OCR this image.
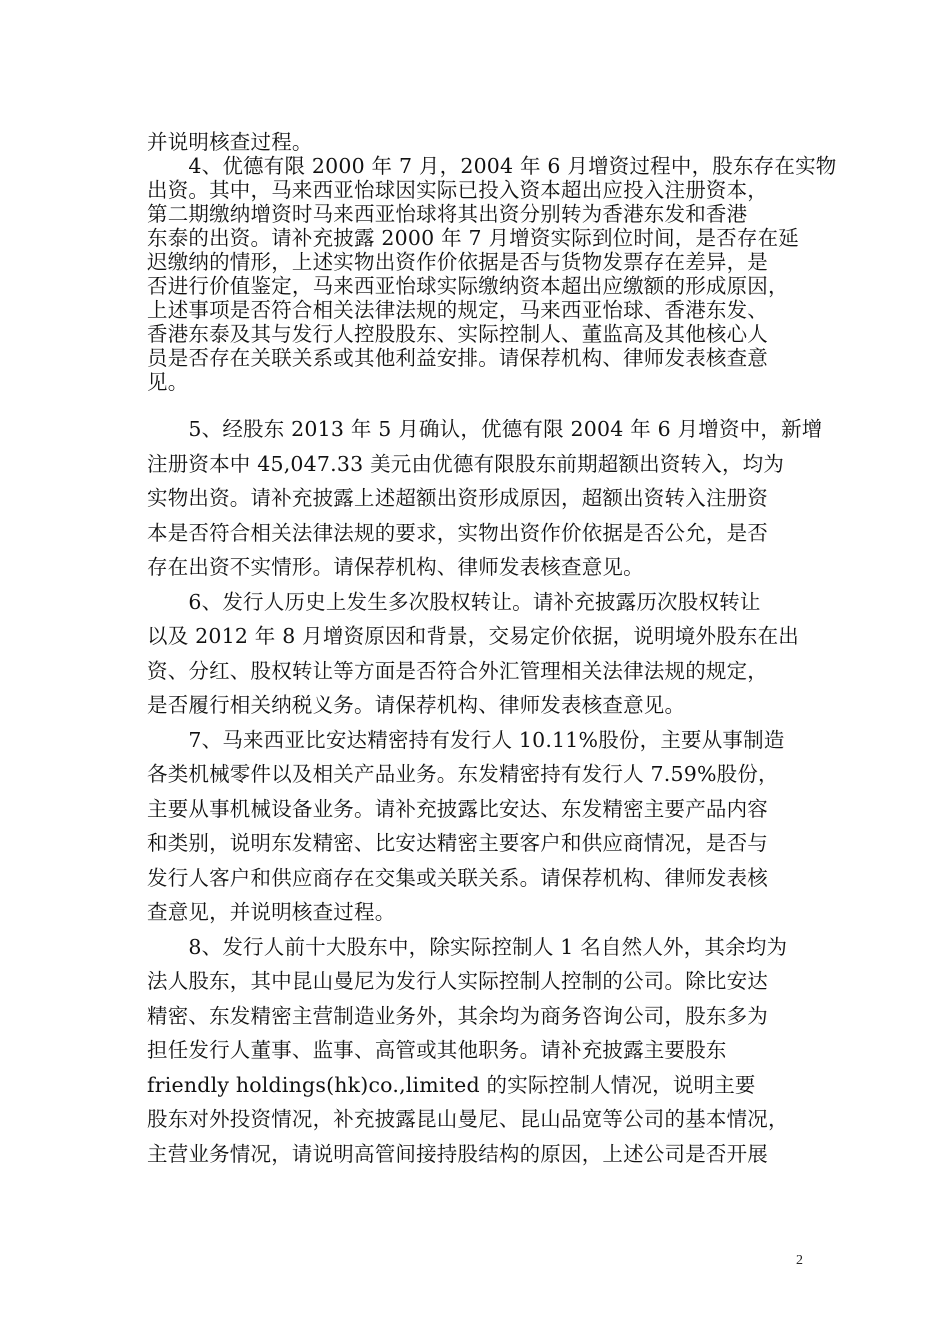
并说明核查过程。
　　4、优德有限 2000 年 7 月，2004 年 6 月增资过程中，股东存在实物
出资。其中，马来西亚怡球因实际已投入资本超出应投入注册资本，
第二期缴纳增资时马来西亚怡球将其出资分别转为香港东发和香港
东泰的出资。请补充披露 2000 年 7 月增资实际到位时间，是否存在延
迟缴纳的情形，上述实物出资作价依据是否与货物发票存在差异，是
否进行价值鉴定，马来西亚怡球实际缴纳资本超出应缴额的形成原因，
上述事项是否符合相关法律法规的规定，马来西亚怡球、香港东发、
香港东泰及其与发行人控股股东、实际控制人、董监高及其他核心人
员是否存在关联关系或其他利益安排。请保荐机构、律师发表核查意
见。
　　5、经股东 2013 年 5 月确认，优德有限 2004 年 6 月增资中，新增
注册资本中 45,047.33 美元由优德有限股东前期超额出资转入，均为
实物出资。请补充披露上述超额出资形成原因，超额出资转入注册资
本是否符合相关法律法规的要求，实物出资作价依据是否公允，是否
存在出资不实情形。请保荐机构、律师发表核查意见。
　　6、发行人历史上发生多次股权转让。请补充披露历次股权转让
以及 2012 年 8 月增资原因和背景，交易定价依据，说明境外股东在出
资、分红、股权转让等方面是否符合外汇管理相关法律法规的规定，
是否履行相关纳税义务。请保荐机构、律师发表核查意见。
　　7、马来西亚比安达精密持有发行人 10.11%股份，主要从事制造
各类机械零件以及相关产品业务。东发精密持有发行人 7.59%股份，
主要从事机械设备业务。请补充披露比安达、东发精密主要产品内容
和类别，说明东发精密、比安达精密主要客户和供应商情况，是否与
发行人客户和供应商存在交集或关联关系。请保荐机构、律师发表核
查意见，并说明核查过程。
　　8、发行人前十大股东中，除实际控制人 1 名自然人外，其余均为
法人股东，其中昆山曼尼为发行人实际控制人控制的公司。除比安达
精密、东发精密主营制造业务外，其余均为商务咨询公司，股东多为
担任发行人董事、监事、高管或其他职务。请补充披露主要股东
friendly holdings(hk)co.,limited 的实际控制人情况，说明主要
股东对外投资情况，补充披露昆山曼尼、昆山品宽等公司的基本情况，
主营业务情况，请说明高管间接持股结构的原因，上述公司是否开展
2
